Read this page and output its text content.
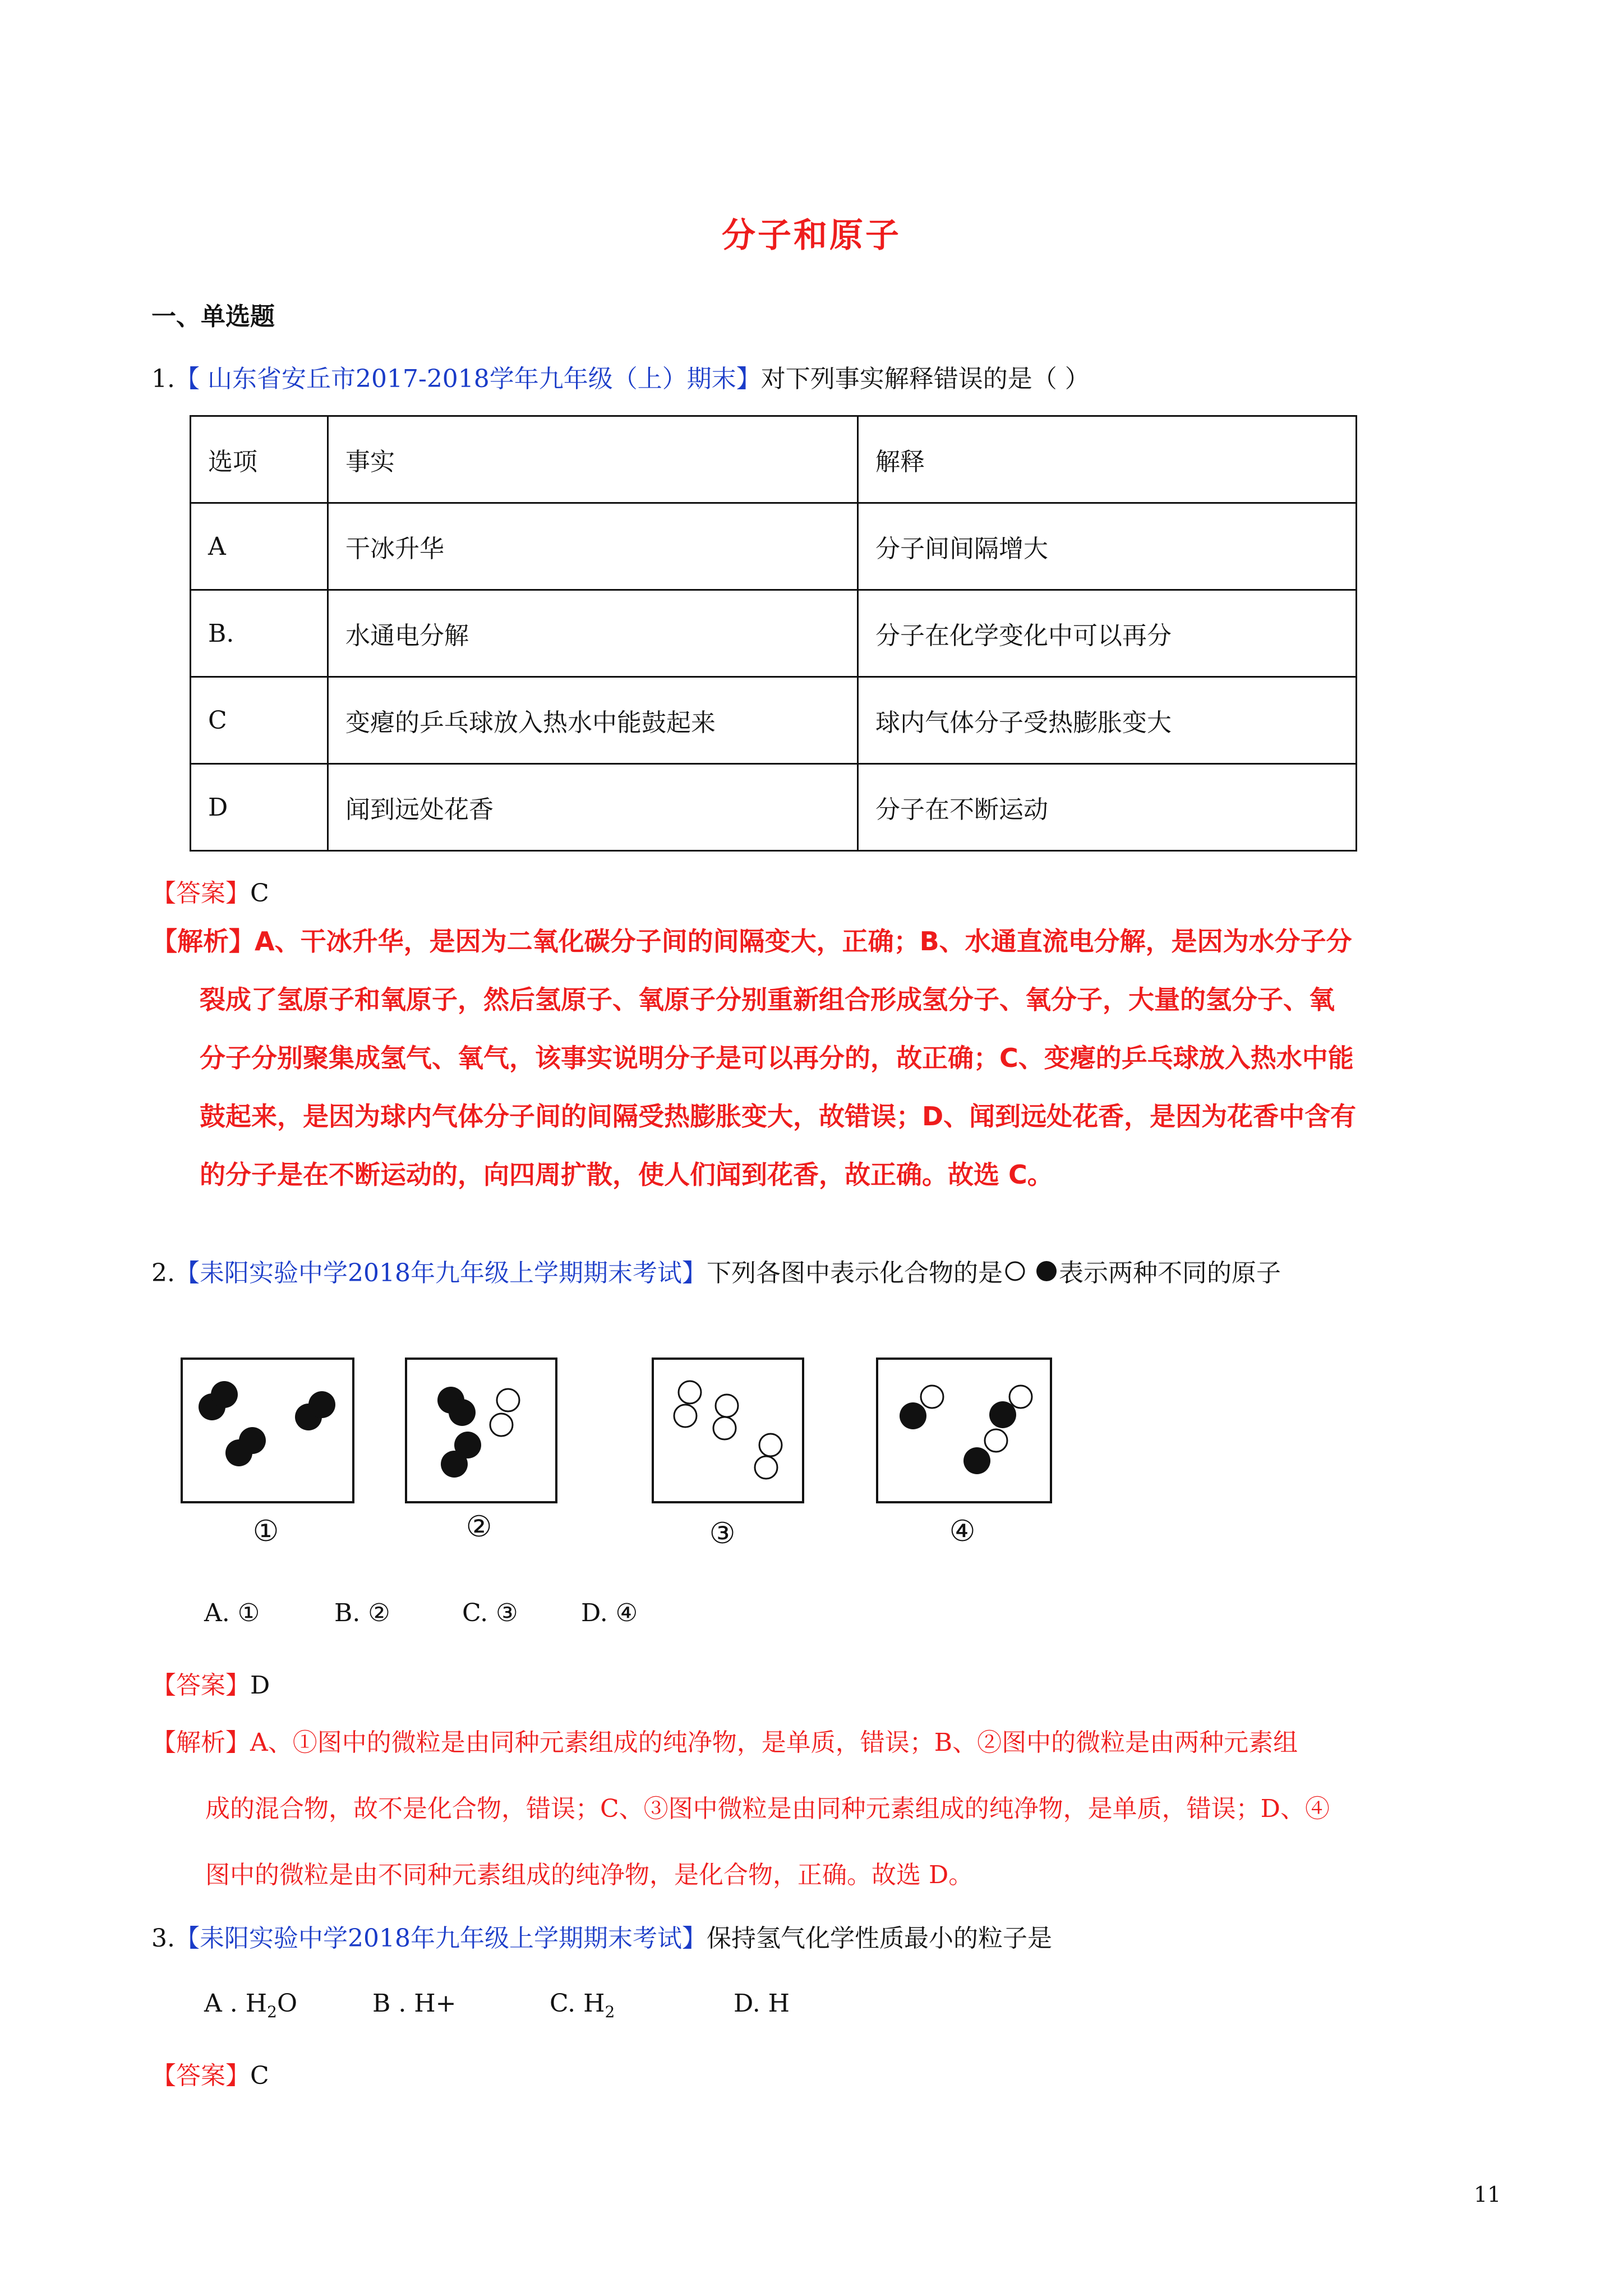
分子和原子
一、单选题
1.【 山东省安丘市2017-2018学年九年级（上）期末】对下列事实解释错误的是（ ）
选项	事实	解释
A	干冰升华	分子间间隔增大
B.	水通电分解	分子在化学变化中可以再分
C	变瘪的乒乓球放入热水中能鼓起来	球内气体分子受热膨胀变大
D	闻到远处花香	分子在不断运动
【答案】C
【解析】A、干冰升华，是因为二氧化碳分子间的间隔变大，正确；B、水通直流电分解，是因为水分子分
裂成了氢原子和氧原子，然后氢原子、氧原子分别重新组合形成氢分子、氧分子，大量的氢分子、氧
分子分别聚集成氢气、氧气，该事实说明分子是可以再分的，故正确；C、变瘪的乒乓球放入热水中能
鼓起来，是因为球内气体分子间的间隔受热膨胀变大，故错误；D、闻到远处花香，是因为花香中含有
的分子是在不断运动的，向四周扩散，使人们闻到花香，故正确。故选 C。
2.【耒阳实验中学2018年九年级上学期期末考试】下列各图中表示化合物的是 表示两种不同的原子
①	②	③	④
A. ①	B. ②	C. ③	D. ④
【答案】D
【解析】A、①图中的微粒是由同种元素组成的纯净物，是单质，错误；B、②图中的微粒是由两种元素组
成的混合物，故不是化合物，错误；C、③图中微粒是由同种元素组成的纯净物，是单质，错误；D、④
图中的微粒是由不同种元素组成的纯净物，是化合物，正确。故选 D。
3.【耒阳实验中学2018年九年级上学期期末考试】保持氢气化学性质最小的粒子是
A . $H_2O$	B . H+	C. $H_2$	D. H
【答案】C
11
